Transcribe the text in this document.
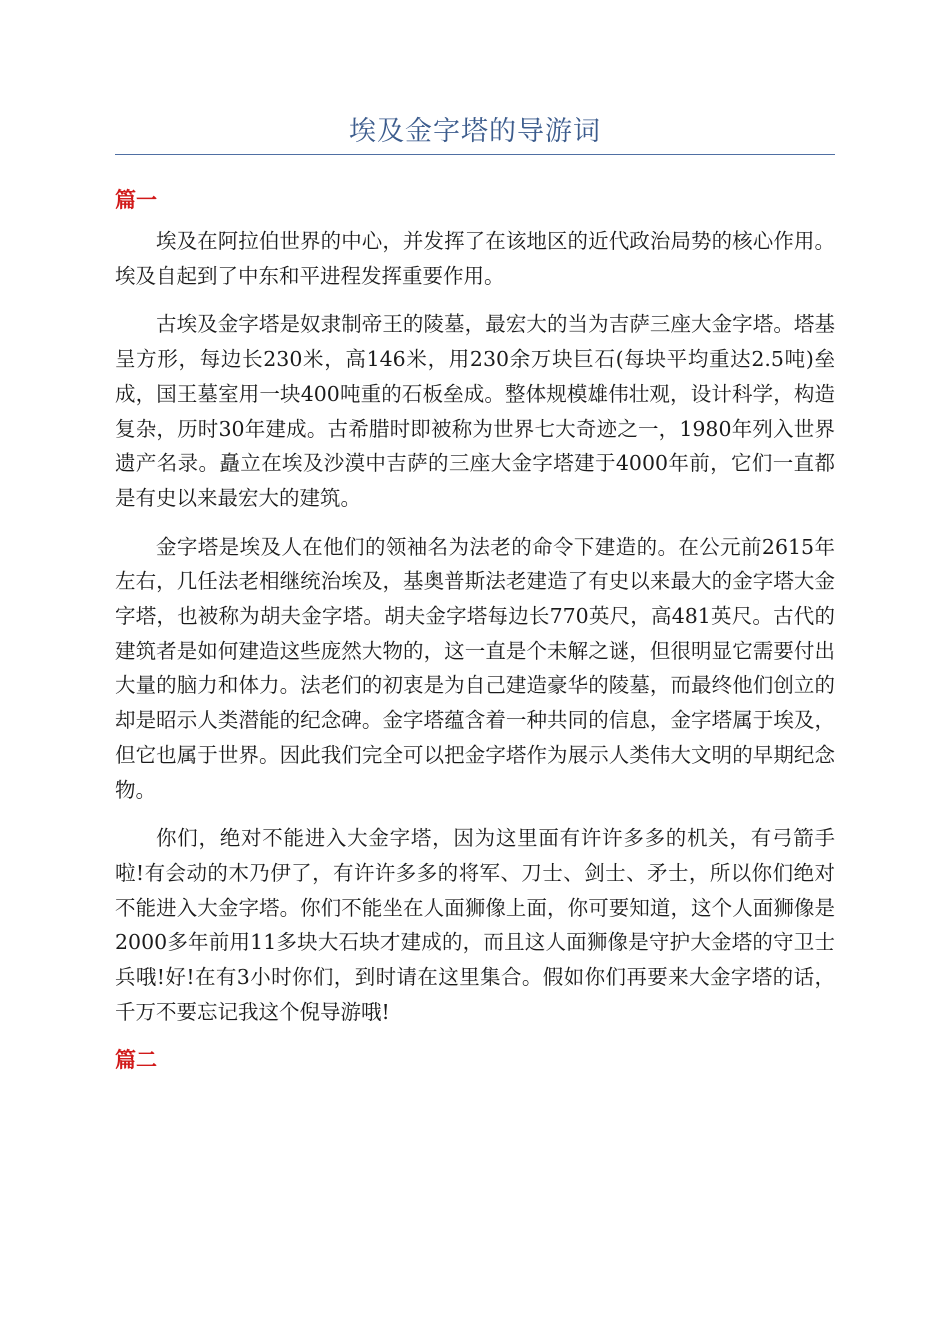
埃及金字塔的导游词
篇一

埃及在阿拉伯世界的中心，并发挥了在该地区的近代政治局势的核心作用。埃及自起到了中东和平进程发挥重要作用。

古埃及金字塔是奴隶制帝王的陵墓，最宏大的当为吉萨三座大金字塔。塔基呈方形，每边长230米，高146米，用230余万块巨石(每块平均重达2.5吨)垒成，国王墓室用一块400吨重的石板垒成。整体规模雄伟壮观，设计科学，构造复杂，历时30年建成。古希腊时即被称为世界七大奇迹之一，1980年列入世界遗产名录。矗立在埃及沙漠中吉萨的三座大金字塔建于4000年前，它们一直都是有史以来最宏大的建筑。

金字塔是埃及人在他们的领袖名为法老的命令下建造的。在公元前2615年左右，几任法老相继统治埃及，基奥普斯法老建造了有史以来最大的金字塔大金字塔，也被称为胡夫金字塔。胡夫金字塔每边长770英尺，高481英尺。古代的建筑者是如何建造这些庞然大物的，这一直是个未解之谜，但很明显它需要付出大量的脑力和体力。法老们的初衷是为自己建造豪华的陵墓，而最终他们创立的却是昭示人类潜能的纪念碑。金字塔蕴含着一种共同的信息，金字塔属于埃及，但它也属于世界。因此我们完全可以把金字塔作为展示人类伟大文明的早期纪念物。

你们，绝对不能进入大金字塔，因为这里面有许许多多的机关，有弓箭手啦!有会动的木乃伊了，有许许多多的将军、刀士、剑士、矛士，所以你们绝对不能进入大金字塔。你们不能坐在人面狮像上面，你可要知道，这个人面狮像是2000多年前用11多块大石块才建成的，而且这人面狮像是守护大金塔的守卫士兵哦!好!在有3小时你们，到时请在这里集合。假如你们再要来大金字塔的话，千万不要忘记我这个倪导游哦!

篇二
